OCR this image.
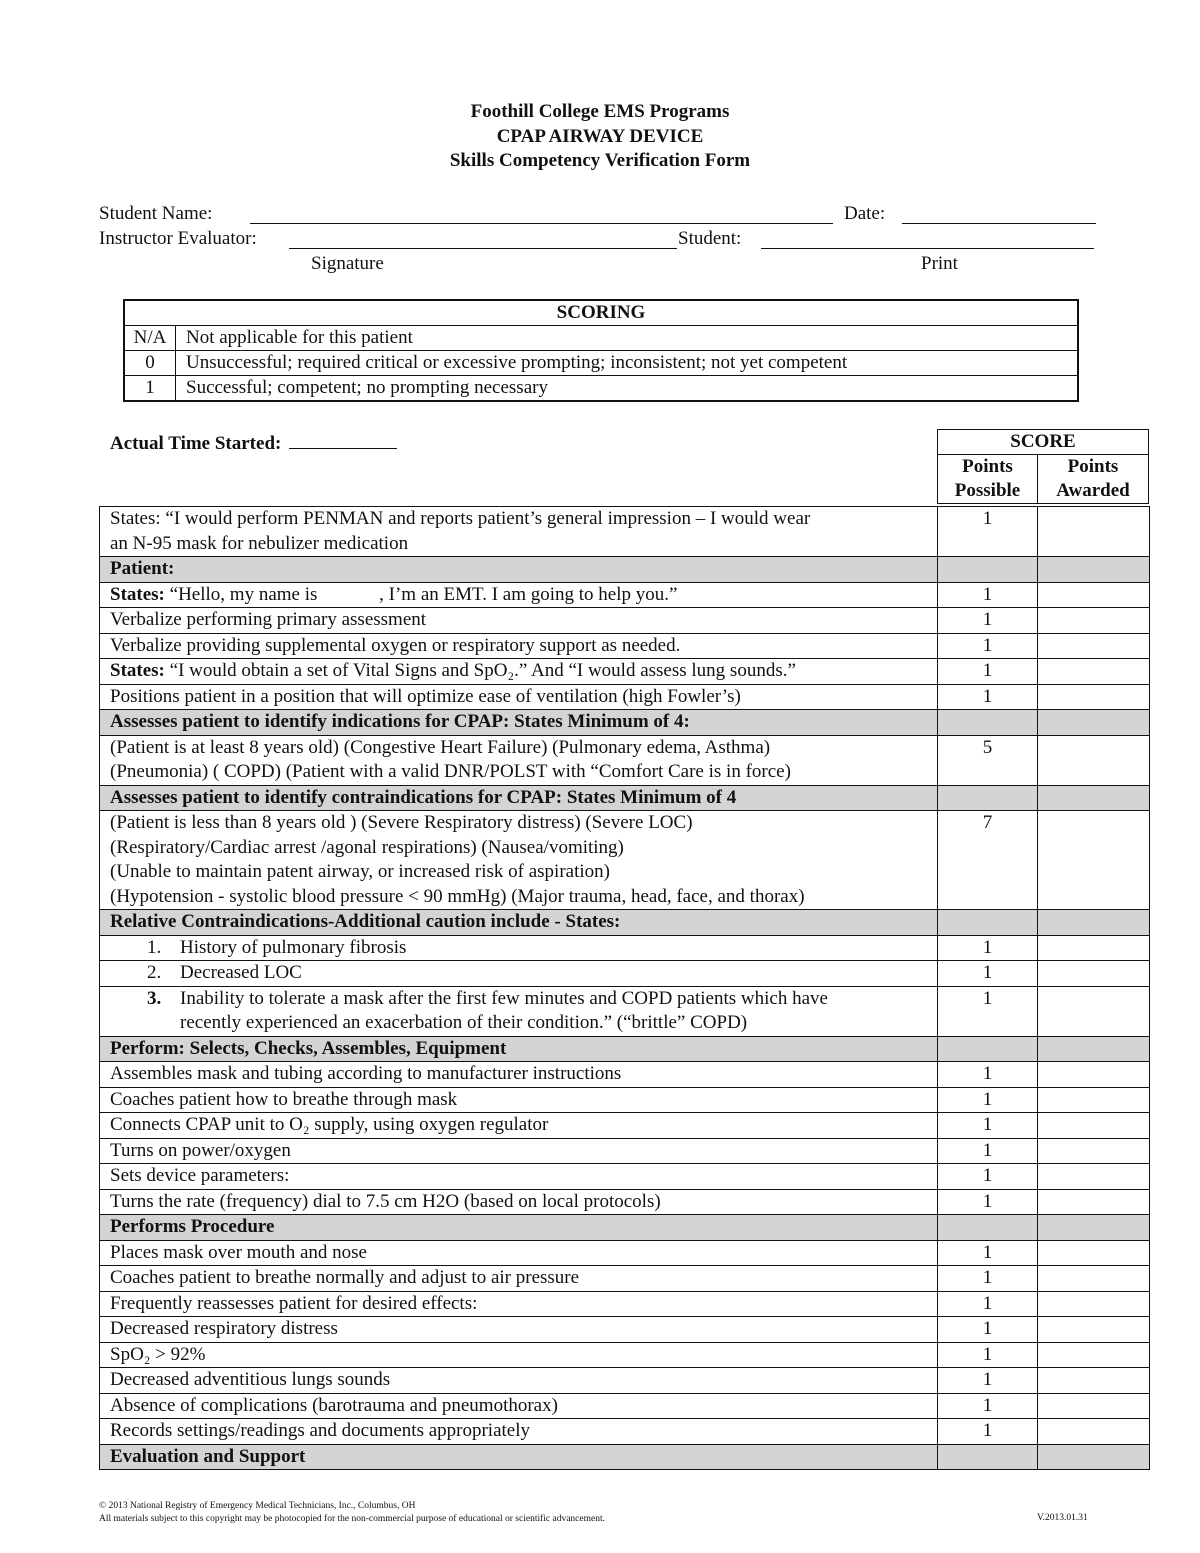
Foothill College EMS Programs
CPAP AIRWAY DEVICE
Skills Competency Verification Form
Student Name:	Date:
Instructor Evaluator:	Student:
Signature	Print
SCORING	
N/A	Not applicable for this patient
0	Unsuccessful; required critical or excessive prompting; inconsistent; not yet competent
1	Successful; competent; no prompting necessary
Actual Time Started:	SCORE
Points Possible	Points Awarded
States: “I would perform PENMAN and reports patient’s general impression – I would wear
an N-95 mask for nebulizer medication	1	
Patient:		
States: “Hello, my name is             , I’m an EMT. I am going to help you.”	1	
Verbalize performing primary assessment	1	
Verbalize providing supplemental oxygen or respiratory support as needed.	1	
States: “I would obtain a set of Vital Signs and SpO₂.” And “I would assess lung sounds.”	1	
Positions patient in a position that will optimize ease of ventilation (high Fowler’s)	1	
Assesses patient to identify indications for CPAP: States Minimum of 4:		

(Patient is at least 8 years old) (Congestive Heart Failure) (Pulmonary edema, Asthma)
(Pneumonia) ( COPD) (Patient with a valid DNR/POLST with “Comfort Care is in force)	5	
Assesses patient to identify contraindications for CPAP: States Minimum of 4		

(Patient is less than 8 years old ) (Severe Respiratory distress) (Severe LOC)
(Respiratory/Cardiac arrest /agonal respirations) (Nausea/vomiting)
(Unable to maintain patent airway, or increased risk of aspiration)
(Hypotension - systolic blood pressure < 90 mmHg) (Major trauma, head, face, and thorax)	7	
Relative Contraindications-Additional caution include - States:		

1. History of pulmonary fibrosis	1	

2. Decreased LOC	1	

3. Inability to tolerate a mask after the first few minutes and COPD patients which have
recently experienced an exacerbation of their condition.” (“brittle” COPD)	1	
Perform: Selects, Checks, Assembles, Equipment		
Assembles mask and tubing according to manufacturer instructions	1	
Coaches patient how to breathe through mask	1	
Connects CPAP unit to O₂ supply, using oxygen regulator	1	
Turns on power/oxygen	1	
Sets device parameters:	1	
Turns the rate (frequency) dial to 7.5 cm H2O (based on local protocols)	1	
Performs Procedure		
Places mask over mouth and nose	1	
Coaches patient to breathe normally and adjust to air pressure	1	
Frequently reassesses patient for desired effects:	1	
Decreased respiratory distress	1	
SpO₂ > 92%	1	
Decreased adventitious lungs sounds	1	
Absence of complications (barotrauma and pneumothorax)	1	
Records settings/readings and documents appropriately	1	
Evaluation and Support		
© 2013 National Registry of Emergency Medical Technicians, Inc., Columbus, OH
All materials subject to this copyright may be photocopied for the non-commercial purpose of educational or scientific advancement.	V.2013.01.31
